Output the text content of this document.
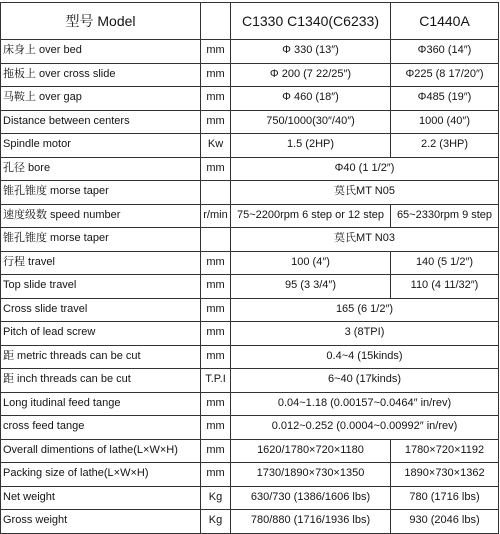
型号 Model		C1330 C1340(C6233)	C1440A
床身上 over bed	mm	Φ 330 (13″)	Φ360 (14″)
拖板上 over cross slide	mm	Φ 200 (7 22/25″)	Φ225 (8 17/20″)
马鞍上 over gap	mm	Φ 460 (18″)	Φ485 (19″)
Distance between centers	mm	750/1000(30″/40″)	1000 (40″)
Spindle motor	Kw	1.5 (2HP)	2.2 (3HP)
孔径 bore	mm	Φ40 (1 1/2″)	
锥孔锥度 morse taper		莫氏MT N05	
速度级数 speed number	r/min	75~2200rpm 6 step or 12 step	65~2330rpm 9 step
锥孔锥度 morse taper		莫氏MT N03	
行程 travel	mm	100 (4″)	140 (5 1/2″)
Top slide travel	mm	95 (3 3/4″)	110 (4 11/32″)
Cross slide travel	mm	165 (6 1/2″)	
Pitch of lead screw	mm	3 (8TPI)	
距 metric threads can be cut	mm	0.4~4 (15kinds)	
距 inch threads can be cut	T.P.I	6~40 (17kinds)	
Long itudinal feed tange	mm	0.04~1.18 (0.00157~0.0464″ in/rev)	
cross feed tange	mm	0.012~0.252 (0.0004~0.00992″ in/rev)	
Overall dimentions of lathe(L×W×H)	mm	1620/1780×720×1180	1780×720×1192
Packing size of lathe(L×W×H)	mm	1730/1890×730×1350	1890×730×1362
Net weight	Kg	630/730 (1386/1606 lbs)	780 (1716 lbs)
Gross weight	Kg	780/880 (1716/1936 lbs)	930 (2046 lbs)
